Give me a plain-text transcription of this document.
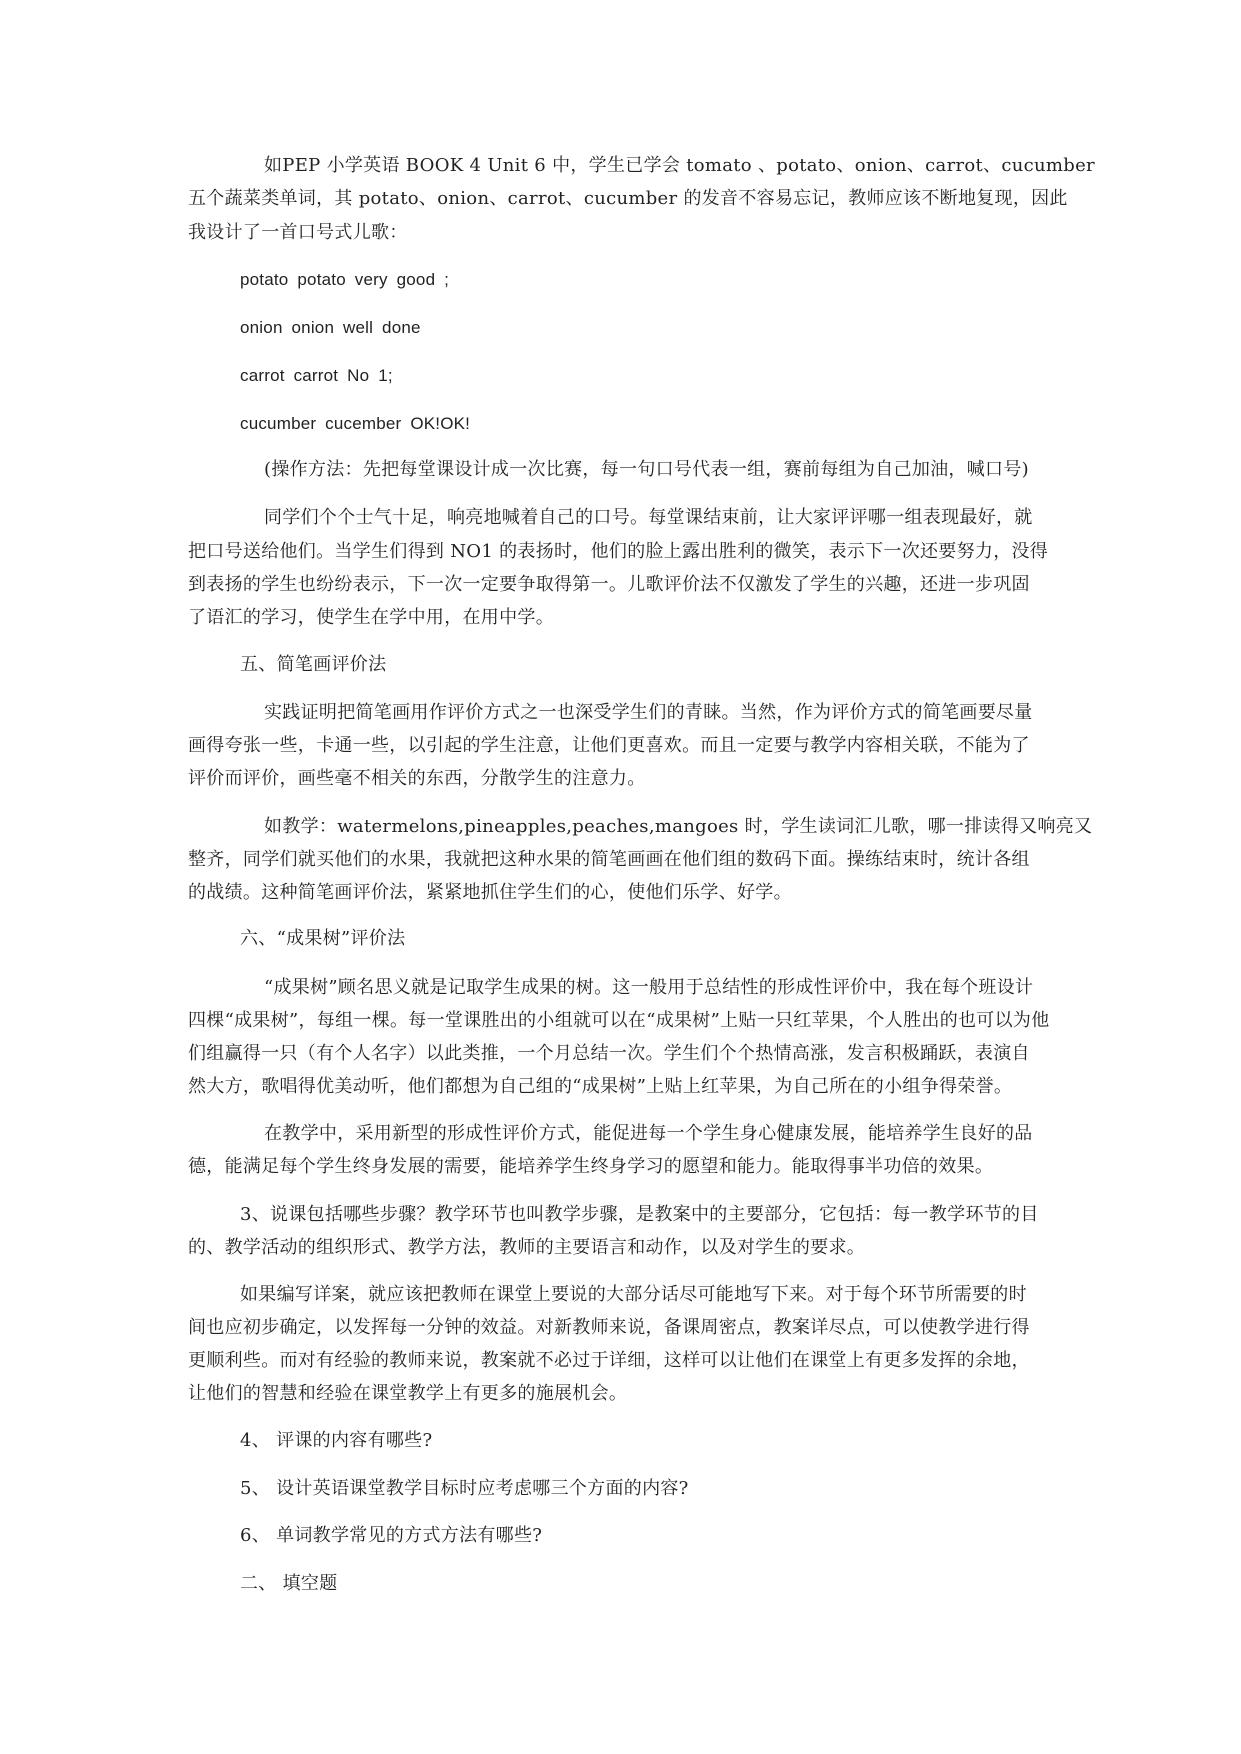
如PEP 小学英语 BOOK 4 Unit 6 中，学生已学会 tomato 、potato、onion、carrot、cucumber
五个蔬菜类单词，其 potato、onion、carrot、cucumber 的发音不容易忘记，教师应该不断地复现，因此
我设计了一首口号式儿歌：
potato potato very good ;
onion onion well done
carrot carrot No 1;
cucumber cucember OK!OK!
(操作方法：先把每堂课设计成一次比赛，每一句口号代表一组，赛前每组为自己加油，喊口号)
同学们个个士气十足，响亮地喊着自己的口号。每堂课结束前，让大家评评哪一组表现最好，就
把口号送给他们。当学生们得到 NO1 的表扬时，他们的脸上露出胜利的微笑，表示下一次还要努力，没得
到表扬的学生也纷纷表示，下一次一定要争取得第一。儿歌评价法不仅激发了学生的兴趣，还进一步巩固
了语汇的学习，使学生在学中用，在用中学。
五、简笔画评价法
实践证明把简笔画用作评价方式之一也深受学生们的青睐。当然，作为评价方式的简笔画要尽量
画得夸张一些，卡通一些，以引起的学生注意，让他们更喜欢。而且一定要与教学内容相关联，不能为了
评价而评价，画些毫不相关的东西，分散学生的注意力。
如教学：watermelons,pineapples,peaches,mangoes 时，学生读词汇儿歌，哪一排读得又响亮又
整齐，同学们就买他们的水果，我就把这种水果的简笔画画在他们组的数码下面。操练结束时，统计各组
的战绩。这种简笔画评价法，紧紧地抓住学生们的心，使他们乐学、好学。
六、“成果树”评价法
“成果树”顾名思义就是记取学生成果的树。这一般用于总结性的形成性评价中，我在每个班设计
四棵“成果树”，每组一棵。每一堂课胜出的小组就可以在“成果树”上贴一只红苹果，个人胜出的也可以为他
们组赢得一只（有个人名字）以此类推，一个月总结一次。学生们个个热情高涨，发言积极踊跃，表演自
然大方，歌唱得优美动听，他们都想为自己组的“成果树”上贴上红苹果，为自己所在的小组争得荣誉。
在教学中，采用新型的形成性评价方式，能促进每一个学生身心健康发展，能培养学生良好的品
德，能满足每个学生终身发展的需要，能培养学生终身学习的愿望和能力。能取得事半功倍的效果。
3、说课包括哪些步骤？教学环节也叫教学步骤，是教案中的主要部分，它包括：每一教学环节的目
的、教学活动的组织形式、教学方法，教师的主要语言和动作，以及对学生的要求。
如果编写详案，就应该把教师在课堂上要说的大部分话尽可能地写下来。对于每个环节所需要的时
间也应初步确定，以发挥每一分钟的效益。对新教师来说，备课周密点，教案详尽点，可以使教学进行得
更顺利些。而对有经验的教师来说，教案就不必过于详细，这样可以让他们在课堂上有更多发挥的余地，
让他们的智慧和经验在课堂教学上有更多的施展机会。
4、 评课的内容有哪些?
5、 设计英语课堂教学目标时应考虑哪三个方面的内容?
6、 单词教学常见的方式方法有哪些?
二、 填空题
